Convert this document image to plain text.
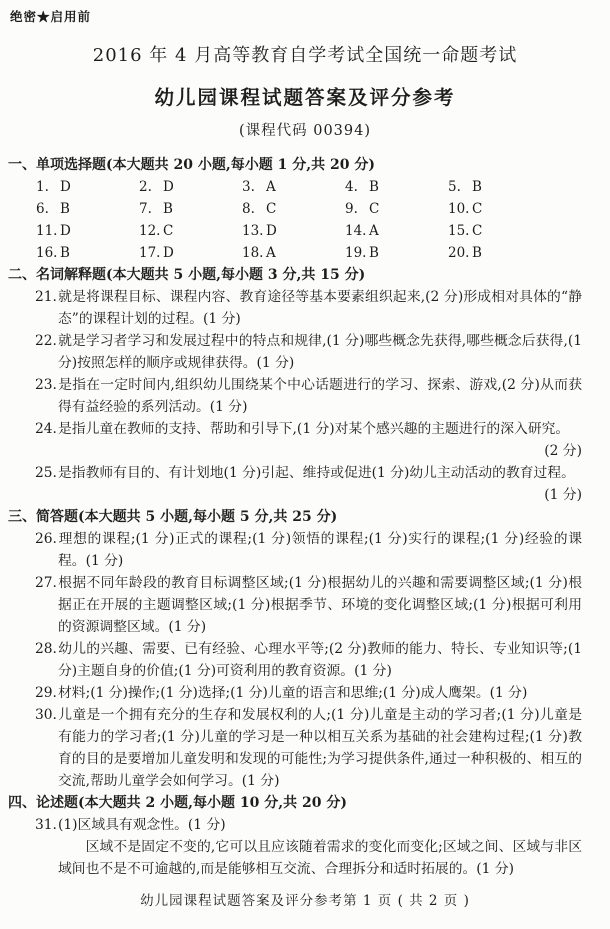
绝密★启用前
2016 年 4 月高等教育自学考试全国统一命题考试
幼儿园课程试题答案及评分参考
(课程代码 00394)
一、单项选择题(本大题共 20 小题,每小题 1 分,共 20 分)
1. D	2. D	3. A	4. B	5. B
6. B	7. B	8. C	9. C	10. C
11. D	12. C	13. D	14. A	15. C
16. B	17. D	18. A	19. B	20. B
二、名词解释题(本大题共 5 小题,每小题 3 分,共 15 分)
21.就是将课程目标、课程内容、教育途径等基本要素组织起来,(2 分)形成相对具体的“静态”的课程计划的过程。(1 分)
22.就是学习者学习和发展过程中的特点和规律,(1 分)哪些概念先获得,哪些概念后获得,(1 分)按照怎样的顺序或规律获得。(1 分)
23.是指在一定时间内,组织幼儿围绕某个中心话题进行的学习、探索、游戏,(2 分)从而获得有益经验的系列活动。(1 分)
24.是指儿童在教师的支持、帮助和引导下,(1 分)对某个感兴趣的主题进行的深入研究。
(2 分)
25.是指教师有目的、有计划地(1 分)引起、维持或促进(1 分)幼儿主动活动的教育过程。
(1 分)
三、简答题(本大题共 5 小题,每小题 5 分,共 25 分)
26.理想的课程;(1 分)正式的课程;(1 分)领悟的课程;(1 分)实行的课程;(1 分)经验的课程。(1 分)
27.根据不同年龄段的教育目标调整区域;(1 分)根据幼儿的兴趣和需要调整区域;(1 分)根据正在开展的主题调整区域;(1 分)根据季节、环境的变化调整区域;(1 分)根据可利用的资源调整区域。(1 分)
28.幼儿的兴趣、需要、已有经验、心理水平等;(2 分)教师的能力、特长、专业知识等;(1 分)主题自身的价值;(1 分)可资利用的教育资源。(1 分)
29.材料;(1 分)操作;(1 分)选择;(1 分)儿童的语言和思维;(1 分)成人鹰架。(1 分)
30.儿童是一个拥有充分的生存和发展权利的人;(1 分)儿童是主动的学习者;(1 分)儿童是有能力的学习者;(1 分)儿童的学习是一种以相互关系为基础的社会建构过程;(1 分)教育的目的是要增加儿童发明和发现的可能性;为学习提供条件,通过一种积极的、相互的交流,帮助儿童学会如何学习。(1 分)
四、论述题(本大题共 2 小题,每小题 10 分,共 20 分)
31.(1)区域具有观念性。(1 分)
区域不是固定不变的,它可以且应该随着需求的变化而变化;区域之间、区域与非区域间也不是不可逾越的,而是能够相互交流、合理拆分和适时拓展的。(1 分)
幼儿园课程试题答案及评分参考第 1 页 ( 共 2 页 )
